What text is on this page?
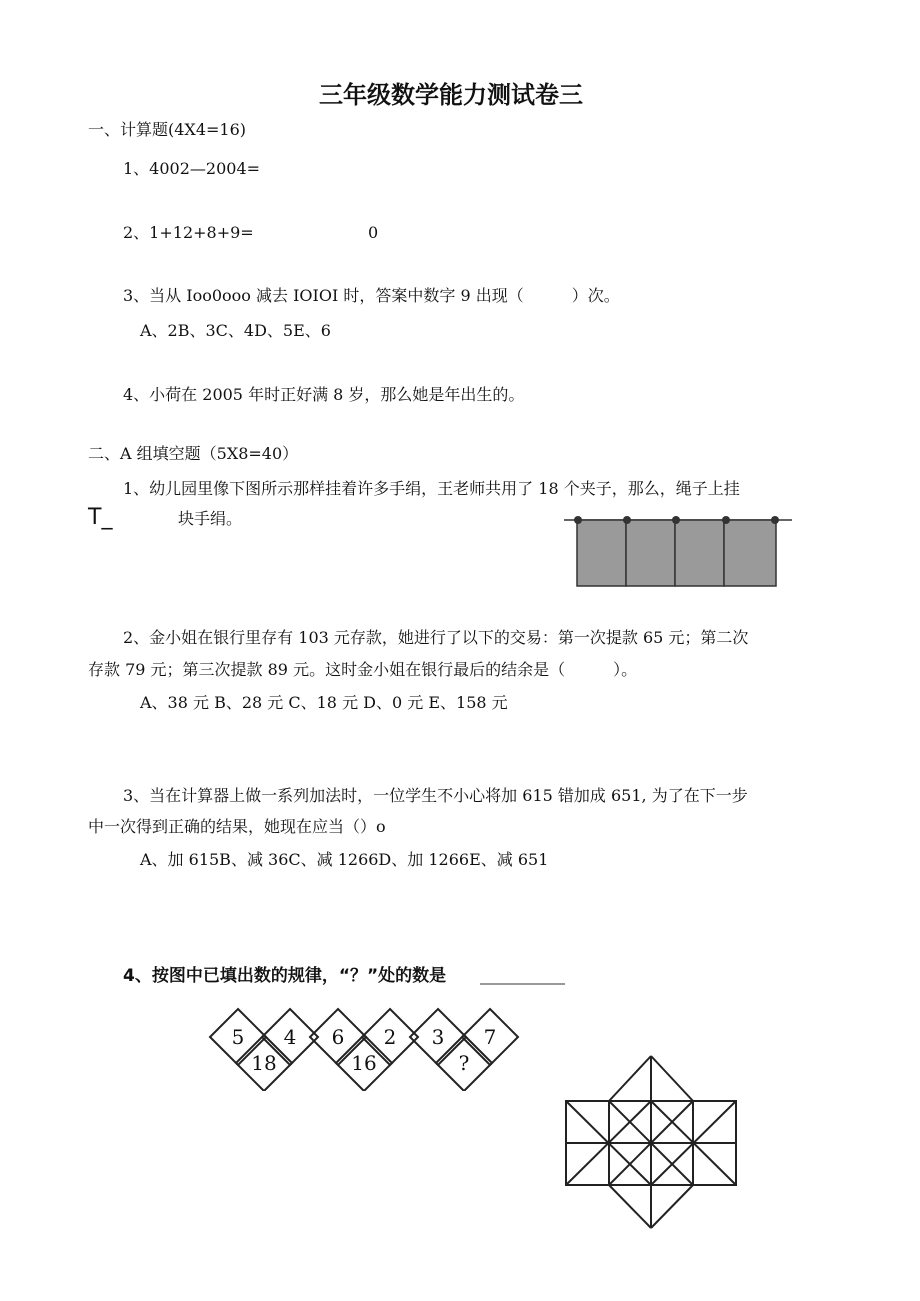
三年级数学能力测试卷三
一、计算题(4X4=16)
1、4002—2004=
2、1+12+8+9=	0
3、当从 Ioo0ooo 减去 IOIOI 时，答案中数字 9 出现（　　　）次。
A、2B、3C、4D、5E、6
4、小荷在 2005 年时正好满 8 岁，那么她是年出生的。
二、A 组填空题（5X8=40）
1、幼儿园里像下图所示那样挂着许多手绢，王老师共用了 18 个夹子，那么，绳子上挂
T_	块手绢。
2、金小姐在银行里存有 103 元存款，她进行了以下的交易：第一次提款 65 元；第二次
存款 79 元；第三次提款 89 元。这时金小姐在银行最后的结余是（　　　）。
A、38 元 B、28 元 C、18 元 D、0 元 E、158 元
3、当在计算器上做一系列加法时，一位学生不小心将加 615 错加成 651, 为了在下一步
中一次得到正确的结果，她现在应当（）o
A、加 615B、减 36C、减 1266D、加 1266E、减 651
4、按图中已填出数的规律，“？”处的数是
5 4
18
6 2
16
3 7
?
